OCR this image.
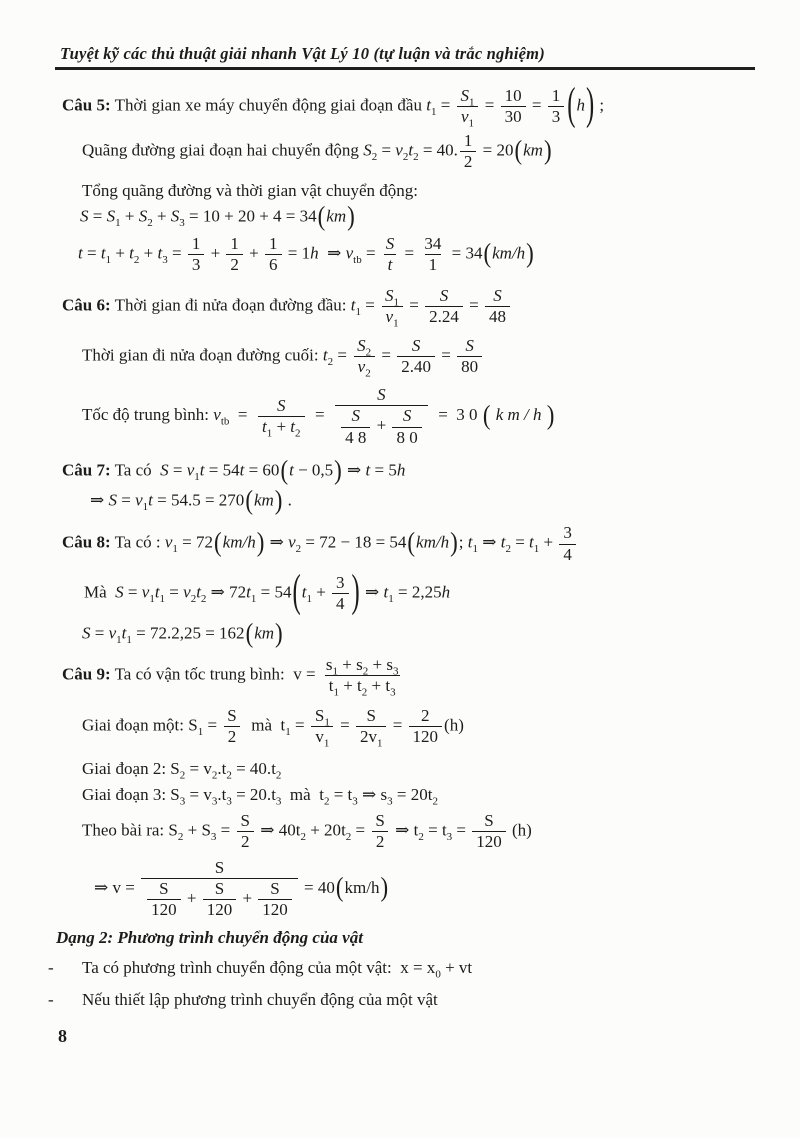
Tuyệt kỹ các thủ thuật giải nhanh Vật Lý 10 (tự luận và trắc nghiệm)
Câu 5: Thời gian xe máy chuyển động giai đoạn đầu $t_1 = \frac{S_1}{v_1} = \frac{10}{30} = \frac{1}{3} (h)$ ;
Quãng đường giai đoạn hai chuyển động $S_2 = v_2t_2 = 40$. $\frac{1}{2} = 20(km)$
Tổng quãng đường và thời gian vật chuyển động:
$S = S_1 + S_2 + S_3 = 10 + 20 + 4 = 34(km)$
$t = t_1 + t_2 + t_3 = \frac{1}{3} + \frac{1}{2} + \frac{1}{6} = 1h$  ⇒ $v_{tb} = \frac{S}{t} = \frac{34}{1} = 34(km/h)$
Câu 6: Thời gian đi nửa đoạn đường đầu: $t_1 = \frac{S_1}{v_1} = \frac{S}{2.24} = \frac{S}{48}$
Thời gian đi nửa đoạn đường cuối: $t_2 = \frac{S_2}{v_2} = \frac{S}{2.40} = \frac{S}{80}$
Tốc độ trung bình: $v_{tb} = \frac{S}{t_1 + t_2} = \frac{S}{\frac{S}{4 8} + \frac{S}{8 0}} = 3$ 0 ( k m / h )
Câu 7: Ta có  $S = v_1t = 54t = 60(t - 0,5)$ ⇒ t = 5h
⇒ $S = v_1t = 54.5 = 270(km)$ .
Câu 8: Ta có : $v_1 = 72(km/h)$ ⇒ $v_2 = 72 - 18 = 54(km/h)$; $t_1$ ⇒ $t_2 = t_1 + \frac{3}{4}$
Mà  $S = v_1t_1 = v_2t_2$ ⇒ $72t_1 = 54(t_1 + \frac{3}{4}$ ) ⇒ $t_1 = 2,25h$
$S = v_1t_1 = 72.2,25 = 162(km)$
Câu 9: Ta có vận tốc trung bình:  $v = \frac{s_1 + s_2 + s_3}{t_1 + t_2 + t_3}$
Giai đoạn một: $S_1 = \frac{S}{2}$ mà  $t_1 = \frac{S_1}{v_1} = \frac{S}{2v_1} = \frac{2}{120} (h)$
Giai đoạn 2: $S_2 = v_2.t_2 = 40.t_2$
Giai đoạn 3: $S_3 = v_3.t_3 = 20.t_3$  mà  $t_2 = t_3$ ⇒ $s_3 = 20t_2$
Theo bài ra: $S_2 + S_3 = \frac{S}{2}$ ⇒ $40t_2 + 20t_2 = \frac{S}{2}$ ⇒ $t_2 = t_3 = \frac{S}{120} (h)$
⇒ $v = \frac{S}{\frac{S}{120} + \frac{S}{120} + \frac{S}{120}} = 40(km/h)$
Dạng 2: Phương trình chuyển động của vật
- Ta có phương trình chuyển động của một vật:  $x = x_0$ + vt
- Nếu thiết lập phương trình chuyển động của một vật
8
